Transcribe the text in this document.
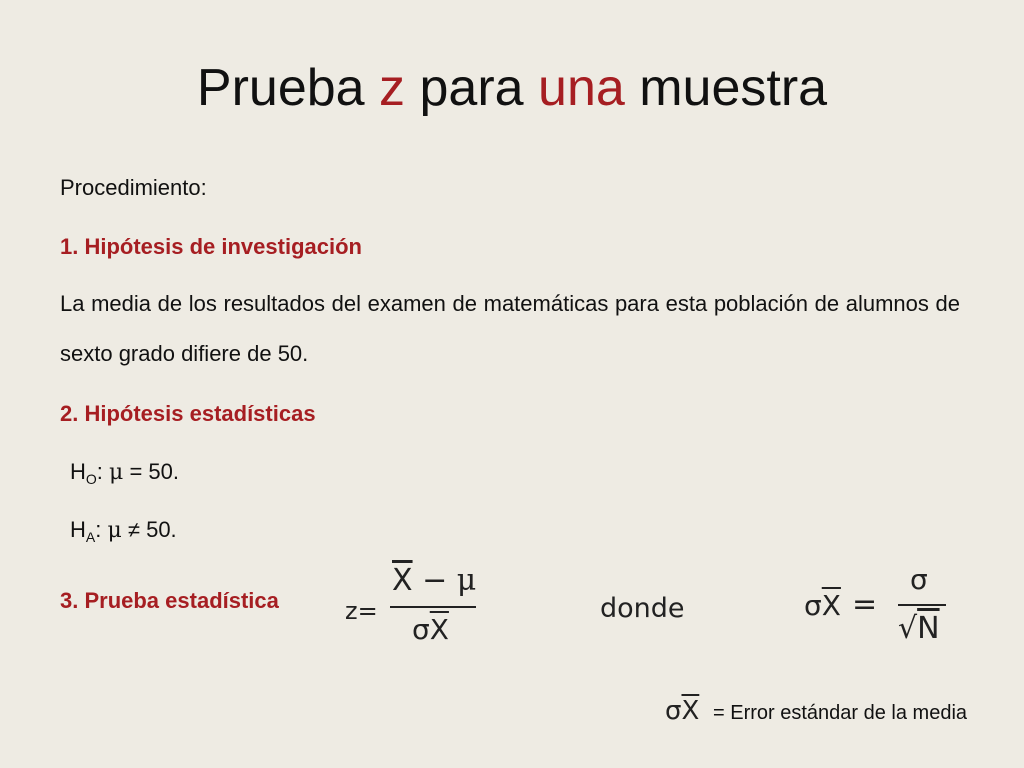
Prueba z para una muestra
Procedimiento:
1. Hipótesis de investigación
La media de los resultados del examen de matemáticas para esta población de alumnos de sexto grado difiere de 50.
2. Hipótesis estadísticas
$H_O$: μ = 50.
$H_A$: μ ≠ 50.
3. Prueba estadística	z=
$\overline{X} - \mu$
$\sigma\overline{X}$
donde	$\sigma\overline{X}$ =
σ
√N
$\sigma\overline{X}$ = Error estándar de la media
